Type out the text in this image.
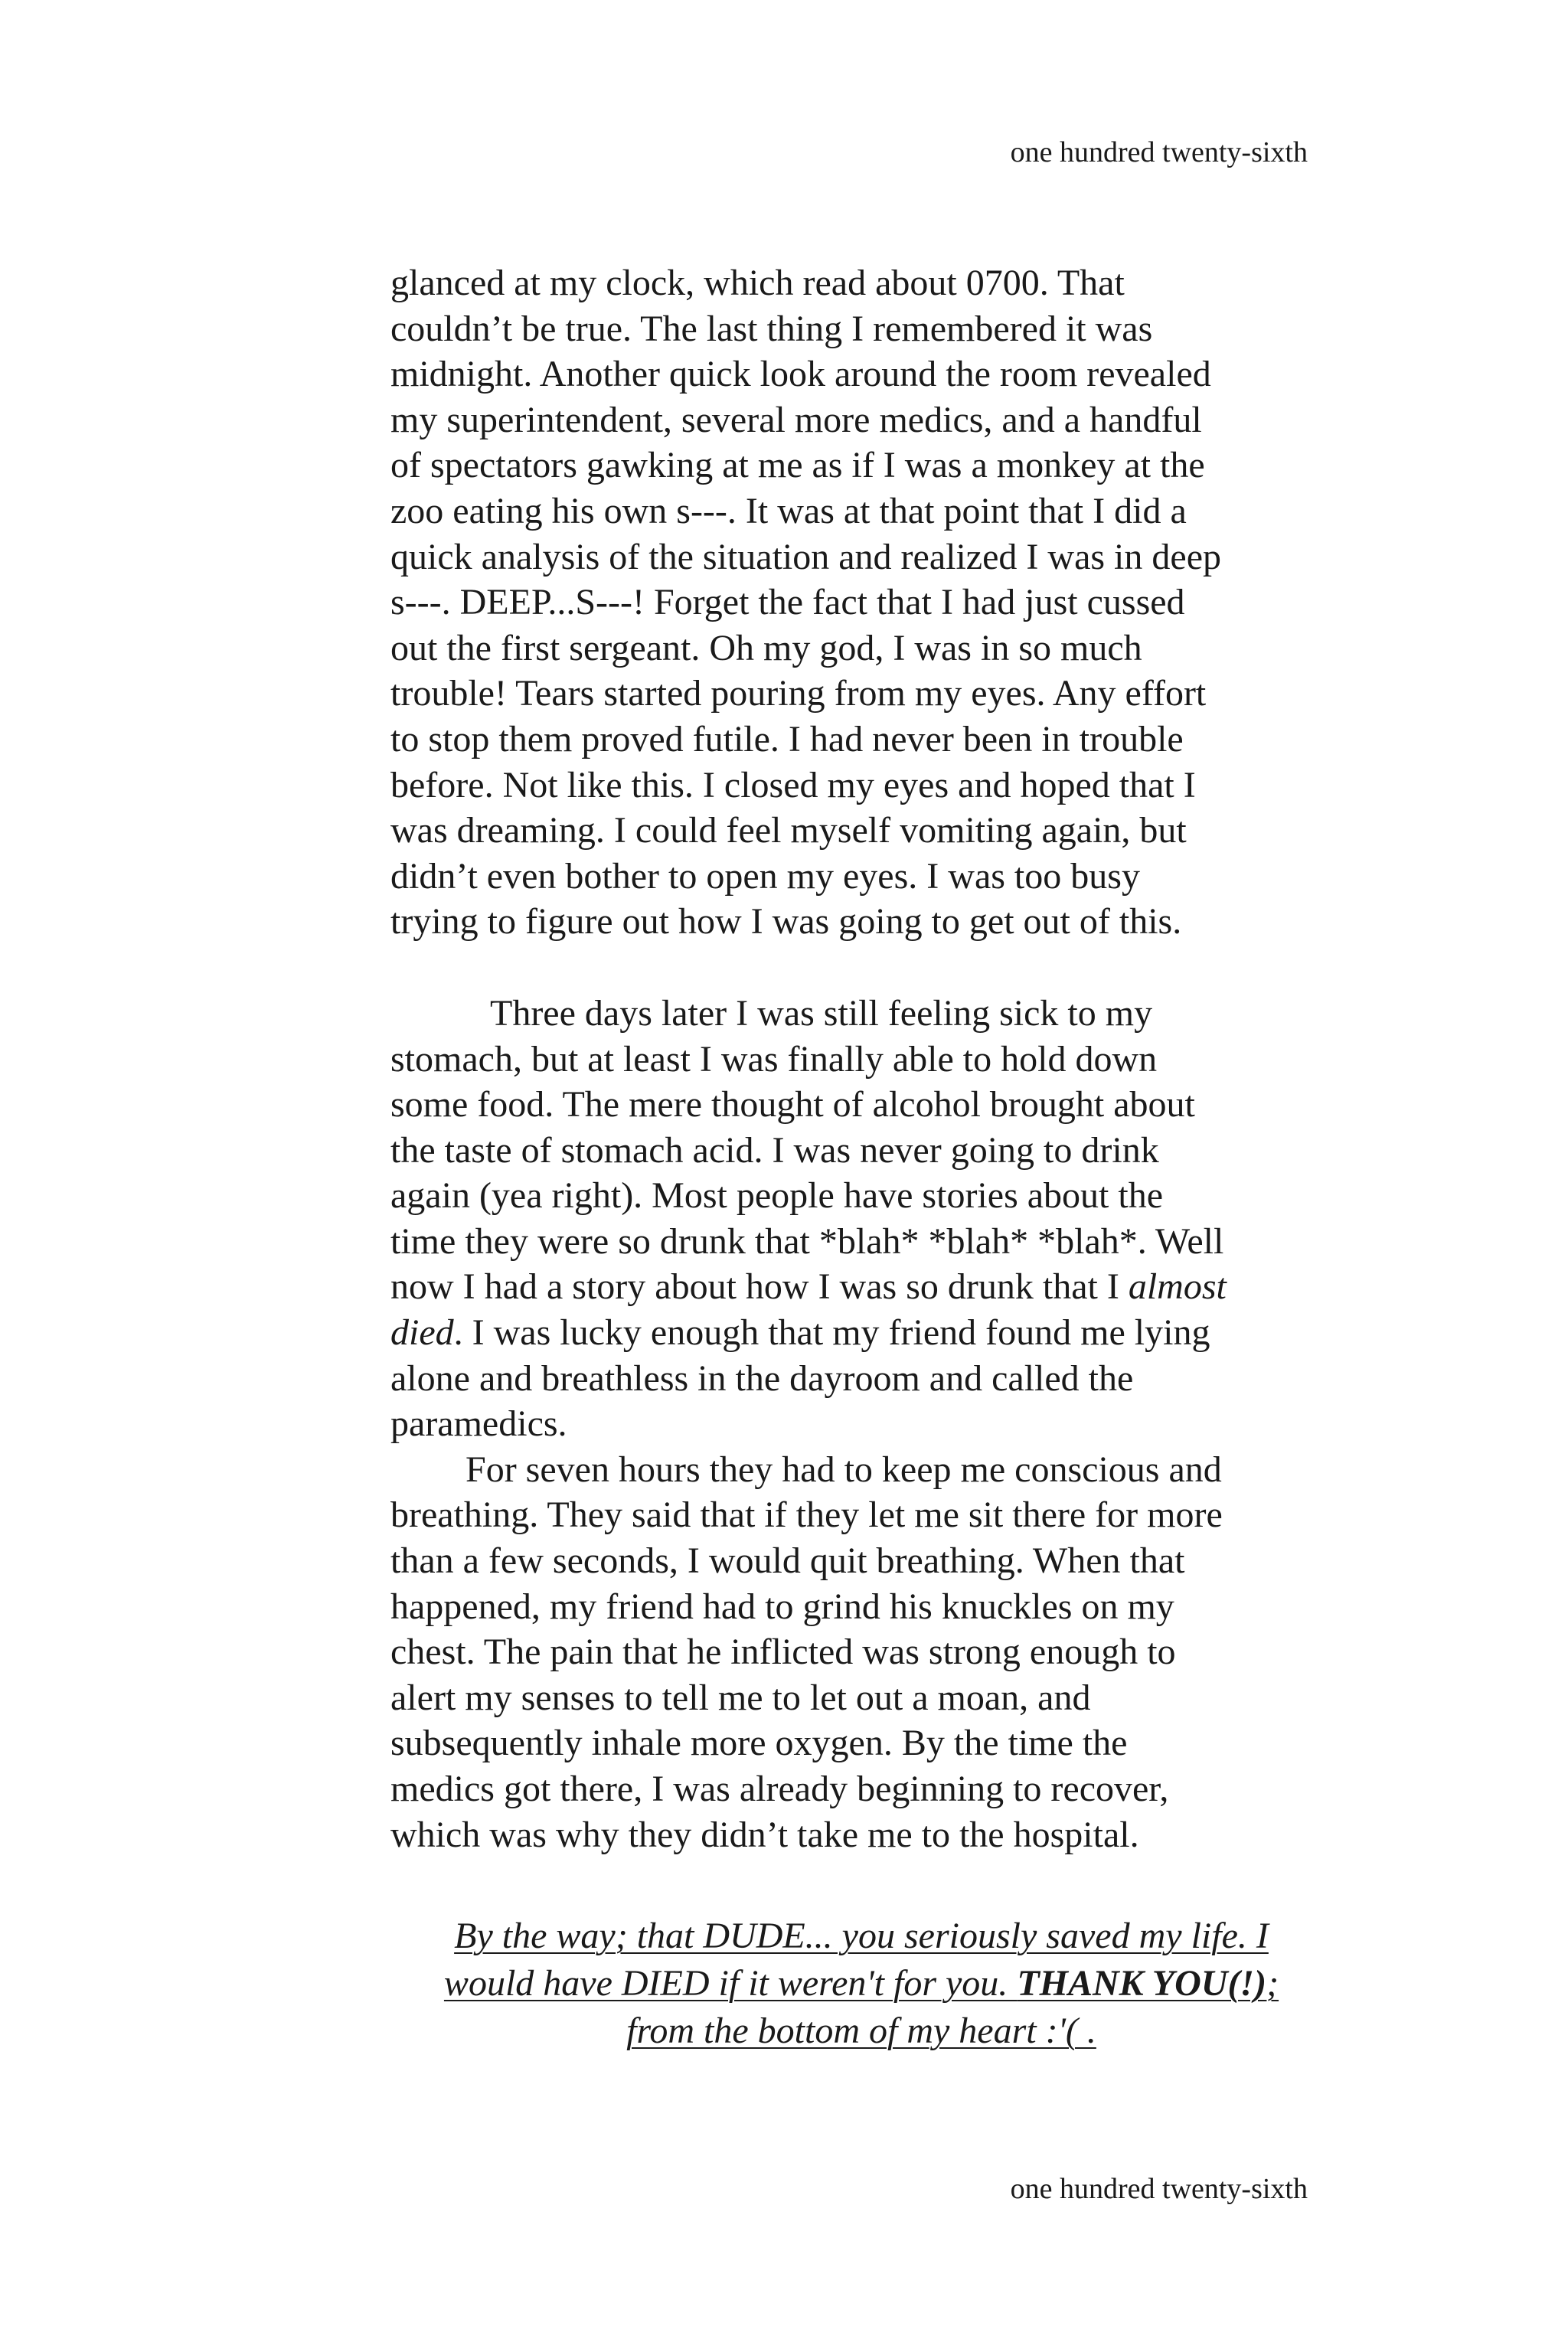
one hundred twenty-sixth
glanced at my clock, which read about 0700. That
couldn’t be true. The last thing I remembered it was
midnight. Another quick look around the room revealed
my superintendent, several more medics, and a handful
of spectators gawking at me as if I was a monkey at the
zoo eating his own s---. It was at that point that I did a
quick analysis of the situation and realized I was in deep
s---. DEEP...S---! Forget the fact that I had just cussed
out the first sergeant. Oh my god, I was in so much
trouble! Tears started pouring from my eyes. Any effort
to stop them proved futile. I had never been in trouble
before. Not like this. I closed my eyes and hoped that I
was dreaming. I could feel myself vomiting again, but
didn’t even bother to open my eyes. I was too busy
trying to figure out how I was going to get out of this.
Three days later I was still feeling sick to my
stomach, but at least I was finally able to hold down
some food. The mere thought of alcohol brought about
the taste of stomach acid. I was never going to drink
again (yea right). Most people have stories about the
time they were so drunk that *blah* *blah* *blah*. Well
now I had a story about how I was so drunk that I almost
died. I was lucky enough that my friend found me lying
alone and breathless in the dayroom and called the
paramedics.
For seven hours they had to keep me conscious and
breathing. They said that if they let me sit there for more
than a few seconds, I would quit breathing. When that
happened, my friend had to grind his knuckles on my
chest. The pain that he inflicted was strong enough to
alert my senses to tell me to let out a moan, and
subsequently inhale more oxygen. By the time the
medics got there, I was already beginning to recover,
which was why they didn’t take me to the hospital.
By the way; that DUDE... you seriously saved my life. I
would have DIED if it weren't for you. THANK YOU(!);
from the bottom of my heart :'( .
one hundred twenty-sixth
